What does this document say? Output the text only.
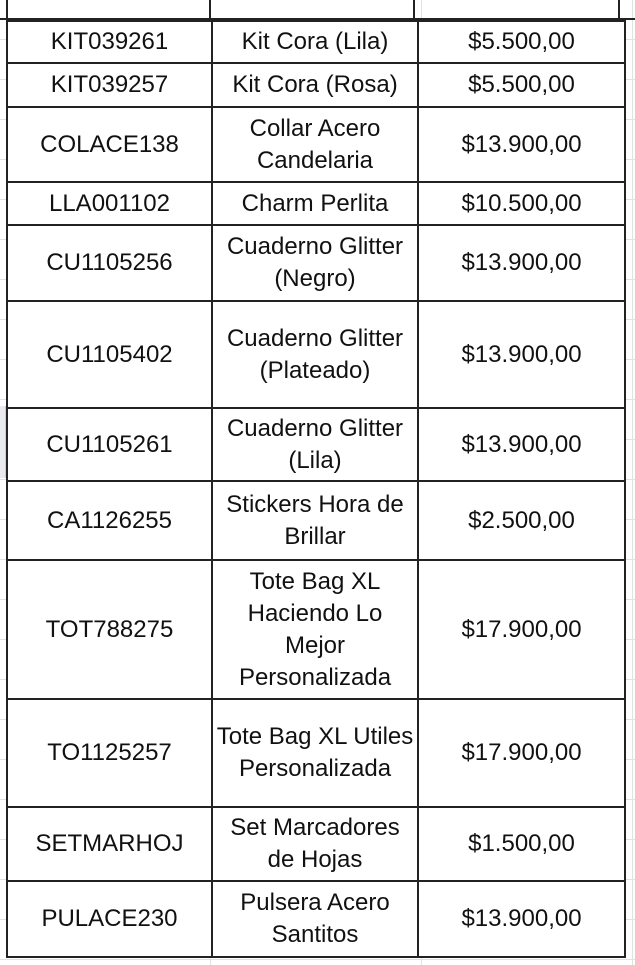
KIT039261	Kit Cora (Lila)	$5.500,00
KIT039257	Kit Cora (Rosa)	$5.500,00
COLACE138	Collar Acero Candelaria	$13.900,00
LLA001102	Charm Perlita	$10.500,00
CU1105256	Cuaderno Glitter (Negro)	$13.900,00
CU1105402	Cuaderno Glitter (Plateado)	$13.900,00
CU1105261	Cuaderno Glitter (Lila)	$13.900,00
CA1126255	Stickers Hora de Brillar	$2.500,00
TOT788275	Tote Bag XL Haciendo Lo Mejor Personalizada	$17.900,00
TO1125257	Tote Bag XL Utiles Personalizada	$17.900,00
SETMARHOJ	Set Marcadores de Hojas	$1.500,00
PULACE230	Pulsera Acero Santitos	$13.900,00
